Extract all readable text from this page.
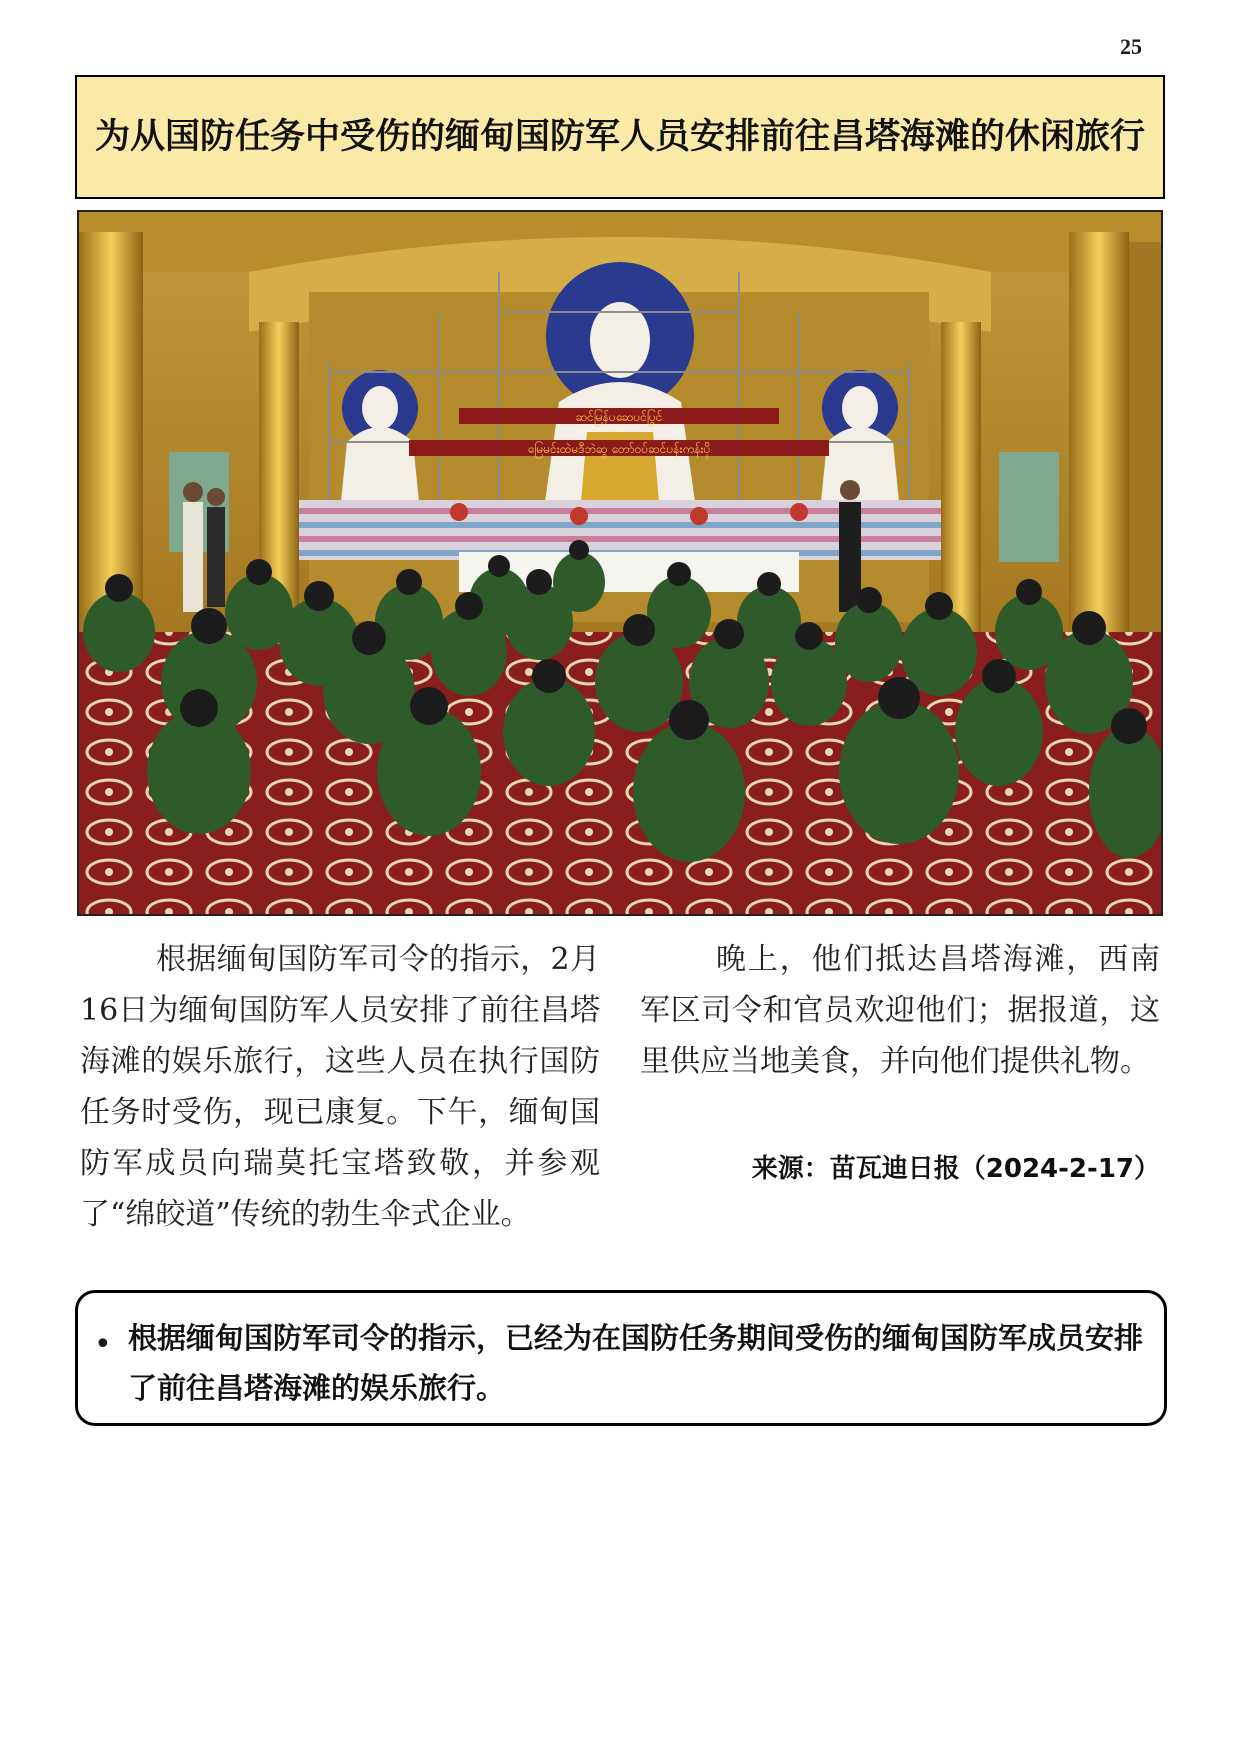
25
为从国防任务中受伤的缅甸国防军人员安排前往昌塔海滩的休闲旅行
ဆင်မြန်ပဆေပင်ပြွင်
မြေမင်းထဲမဒီဘဲဆွ တော်၀ပ်ဆင်ပန်းကန်းပို

根据缅甸国防军司令的指示，2月16日为缅甸国防军人员安排了前往昌塔海滩的娱乐旅行，这些人员在执行国防任务时受伤，现已康复。下午，缅甸国防军成员向瑞莫托宝塔致敬，并参观了“绵皎道”传统的勃生伞式企业。

晚上，他们抵达昌塔海滩，西南军区司令和官员欢迎他们；据报道，这里供应当地美食，并向他们提供礼物。

来源：苗瓦迪日报（2024-2-17）
• 根据缅甸国防军司令的指示，已经为在国防任务期间受伤的缅甸国防军成员安排了前往昌塔海滩的娱乐旅行。
